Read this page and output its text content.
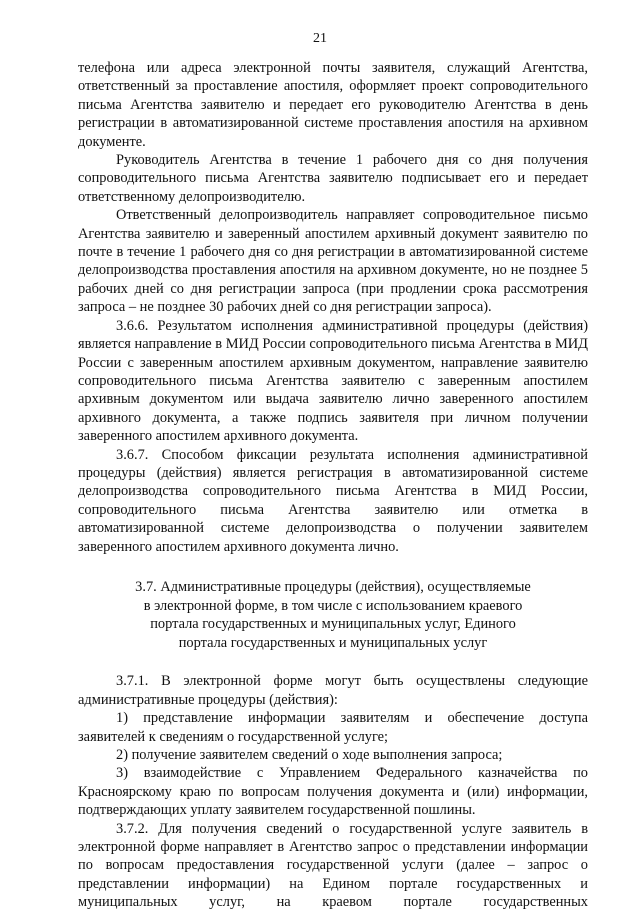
21

телефона или адреса электронной почты заявителя, служащий Агентства, ответственный за проставление апостиля, оформляет проект сопроводительного письма Агентства заявителю и передает его руководителю Агентства в день регистрации в автоматизированной системе проставления апостиля на архивном документе.

Руководитель Агентства в течение 1 рабочего дня со дня получения сопроводительного письма Агентства заявителю подписывает его и передает ответственному делопроизводителю.

Ответственный делопроизводитель направляет сопроводительное письмо Агентства заявителю и заверенный апостилем архивный документ заявителю по почте в течение 1 рабочего дня со дня регистрации в автоматизированной системе делопроизводства проставления апостиля на архивном документе, но не позднее 5 рабочих дней со дня регистрации запроса (при продлении срока рассмотрения запроса – не позднее 30 рабочих дней со дня регистрации запроса).

3.6.6. Результатом исполнения административной процедуры (действия) является направление в МИД России сопроводительного письма Агентства в МИД России с заверенным апостилем архивным документом, направление заявителю сопроводительного письма Агентства заявителю с заверенным апостилем архивным документом или выдача заявителю лично заверенного апостилем архивного документа, а также подпись заявителя при личном получении заверенного апостилем архивного документа.

3.6.7. Способом фиксации результата исполнения административной процедуры (действия) является регистрация в автоматизированной системе делопроизводства сопроводительного письма Агентства в МИД России, сопроводительного письма Агентства заявителю или отметка в автоматизированной системе делопроизводства о получении заявителем заверенного апостилем архивного документа лично.

3.7. Административные процедуры (действия), осуществляемые
в электронной форме, в том числе с использованием краевого
портала государственных и муниципальных услуг, Единого
портала государственных и муниципальных услуг

3.7.1. В электронной форме могут быть осуществлены следующие административные процедуры (действия):

1) представление информации заявителям и обеспечение доступа заявителей к сведениям о государственной услуге;

2) получение заявителем сведений о ходе выполнения запроса;

3) взаимодействие с Управлением Федерального казначейства по Красноярскому краю по вопросам получения документа и (или) информации, подтверждающих уплату заявителем государственной пошлины.

3.7.2. Для получения сведений о государственной услуге заявитель в электронной форме направляет в Агентство запрос о представлении информации по вопросам предоставления государственной услуги (далее – запрос о представлении информации) на Едином портале государственных и муниципальных услуг, на краевом портале государственных
